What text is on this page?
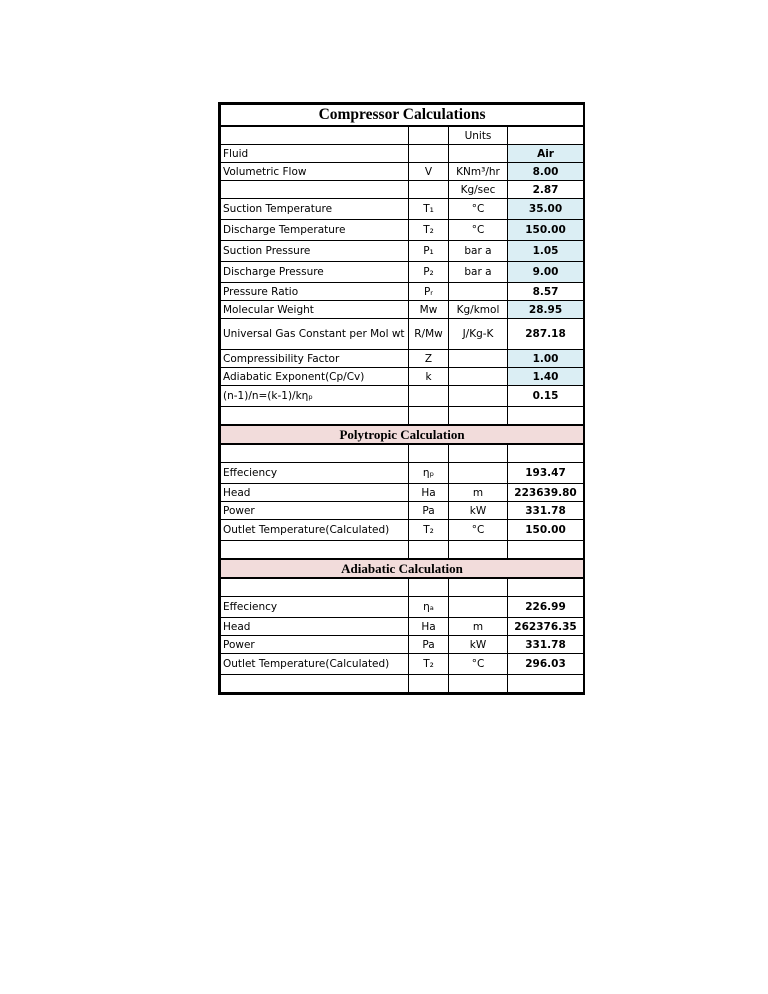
Compressor Calculations			
		Units	
Fluid			Air
Volumetric Flow	V	KNm³/hr	8.00
		Kg/sec	2.87
Suction Temperature	T₁	°C	35.00
Discharge Temperature	T₂	°C	150.00
Suction Pressure	P₁	bar a	1.05
Discharge Pressure	P₂	bar a	9.00
Pressure Ratio	Pᵣ		8.57
Molecular Weight	Mw	Kg/kmol	28.95
Universal Gas Constant per Mol wt	R/Mw	J/Kg-K	287.18
Compressibility Factor	Z		1.00
Adiabatic Exponent(Cp/Cv)	k		1.40
(n-1)/n=(k-1)/kηₚ			0.15

Polytropic Calculation			

Effeciency	ηₚ		193.47
Head	Ha	m	223639.80
Power	Pa	kW	331.78
Outlet Temperature(Calculated)	T₂	°C	150.00

Adiabatic Calculation			

Effeciency	ηₐ		226.99
Head	Ha	m	262376.35
Power	Pa	kW	331.78
Outlet Temperature(Calculated)	T₂	°C	296.03
